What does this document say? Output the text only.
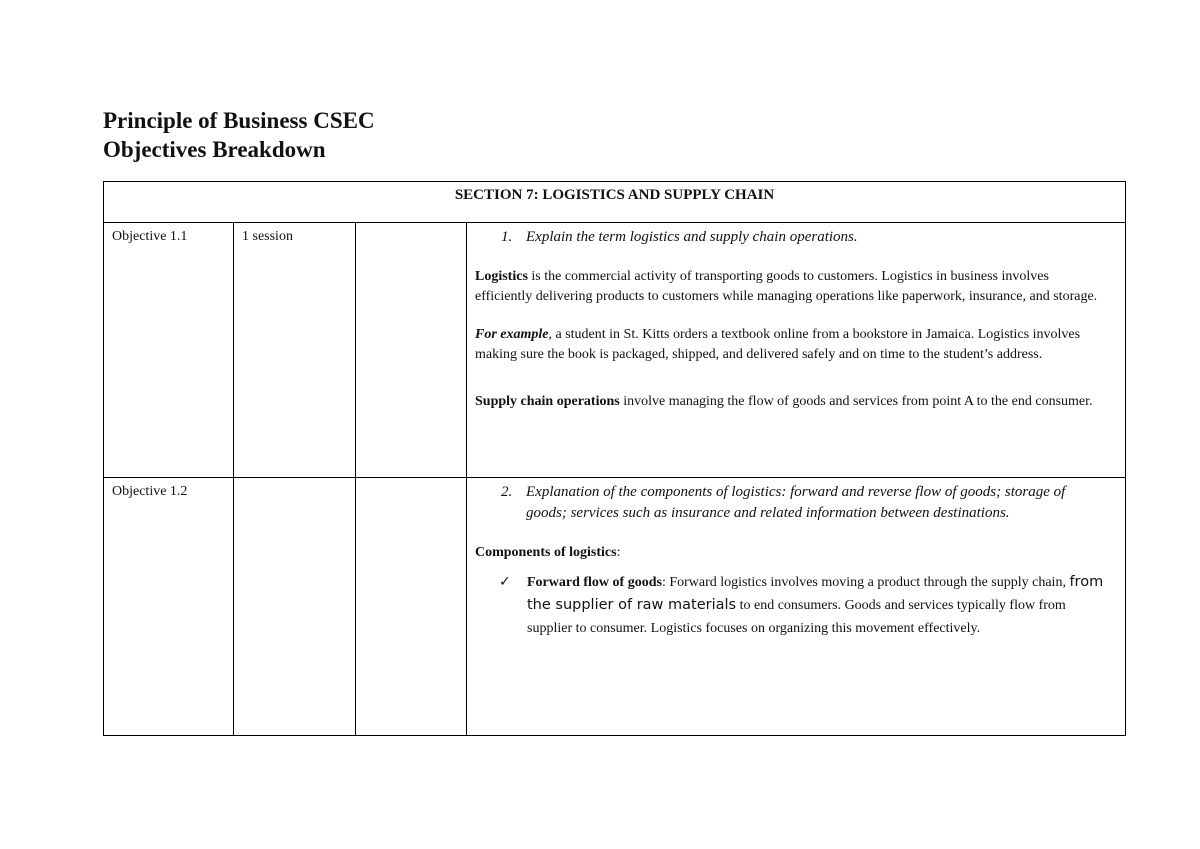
Principle of Business CSEC
Objectives Breakdown
SECTION 7: LOGISTICS AND SUPPLY CHAIN			
Objective 1.1	1 session		1. Explain the term logistics and supply chain operations.

Logistics is the commercial activity of transporting goods to customers. Logistics in business involves efficiently delivering products to customers while managing operations like paperwork, insurance, and storage.

For example, a student in St. Kitts orders a textbook online from a bookstore in Jamaica. Logistics involves making sure the book is packaged, shipped, and delivered safely and on time to the student’s address.

Supply chain operations involve managing the flow of goods and services from point A to the end consumer.

Objective 1.2			2. Explanation of the components of logistics: forward and reverse flow of goods; storage of goods; services such as insurance and related information between destinations.

Components of logistics:

✓ Forward flow of goods: Forward logistics involves moving a product through the supply chain, from the supplier of raw materials to end consumers. Goods and services typically flow from supplier to consumer. Logistics focuses on organizing this movement effectively.
